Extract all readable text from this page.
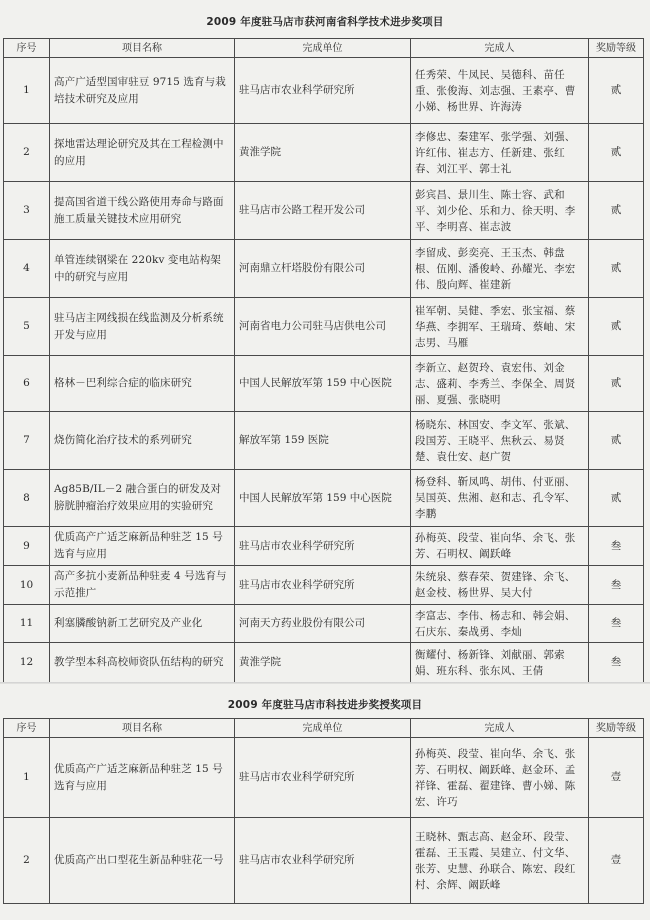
2009 年度驻马店市获河南省科学技术进步奖项目
序号	项目名称	完成单位	完成人	奖励等级
1	高产广适型国审驻豆 9715 选育与栽培技术研究及应用	驻马店市农业科学研究所	任秀荣、牛凤民、吴德科、苗任重、张俊海、刘志强、王素亭、曹小娣、杨世界、许海涛	贰
2	探地雷达理论研究及其在工程检测中的应用	黄淮学院	李修忠、秦建军、张学强、刘强、许红伟、崔志方、任新建、张红春、刘江平、郭士礼	贰
3	提高国省道干线公路使用寿命与路面施工质量关键技术应用研究	驻马店市公路工程开发公司	彭宾昌、景川生、陈士容、武和平、刘少伦、乐和力、徐天明、李平、李明喜、崔志波	贰
4	单管连续钢梁在 220kv 变电站构架中的研究与应用	河南鼎立杆塔股份有限公司	李留成、彭奕亮、王玉杰、韩盘根、伍刚、潘俊岭、孙耀光、李宏伟、殷向辉、崔建新	贰
5	驻马店主网线损在线监测及分析系统开发与应用	河南省电力公司驻马店供电公司	崔军朝、吴健、季宏、张宝福、蔡华燕、李拥军、王瑞琦、蔡岫、宋志男、马雁	贰
6	格林－巴利综合症的临床研究	中国人民解放军第 159 中心医院	李新立、赵贺玲、袁宏伟、刘金志、盛莉、李秀兰、李保全、周贤丽、夏强、张晓明	贰
7	烧伤简化治疗技术的系列研究	解放军第 159 医院	杨晓东、林国安、李文军、张斌、段国芳、王晓平、焦秋云、易贤楚、袁仕安、赵广贺	贰
8	Ag85B/IL－2 融合蛋白的研发及对膀胱肿瘤治疗效果应用的实验研究	中国人民解放军第 159 中心医院	杨登科、靳凤鸣、胡伟、付亚丽、吴国英、焦湘、赵和志、孔令军、李鹏	贰
9	优质高产广适芝麻新品种驻芝 15 号选育与应用	驻马店市农业科学研究所	孙梅英、段莹、崔向华、余飞、张芳、石明权、阚跃峰	叁
10	高产多抗小麦新品种驻麦 4 号选育与示范推广	驻马店市农业科学研究所	朱统泉、蔡春荣、贺建锋、余飞、赵金枝、杨世界、吴大付	叁
11	利塞膦酸钠新工艺研究及产业化	河南天方药业股份有限公司	李富志、李伟、杨志和、韩会娟、石庆东、秦战勇、李灿	叁
12	教学型本科高校师资队伍结构的研究	黄淮学院	衡耀付、杨新锋、刘献丽、郭索娟、班东科、张东风、王倩	叁
2009 年度驻马店市科技进步奖授奖项目
序号	项目名称	完成单位	完成人	奖励等级
1	优质高产广适芝麻新品种驻芝 15 号选育与应用	驻马店市农业科学研究所	孙梅英、段莹、崔向华、余飞、张芳、石明权、阚跃峰、赵金环、孟祥锋、霍磊、翟建锋、曹小娣、陈宏、许巧	壹
2	优质高产出口型花生新品种驻花一号	驻马店市农业科学研究所	王晓林、甄志高、赵金环、段莹、霍磊、王玉霞、吴建立、付文华、张芳、史慧、孙联合、陈宏、段红村、余辉、阚跃峰	壹
